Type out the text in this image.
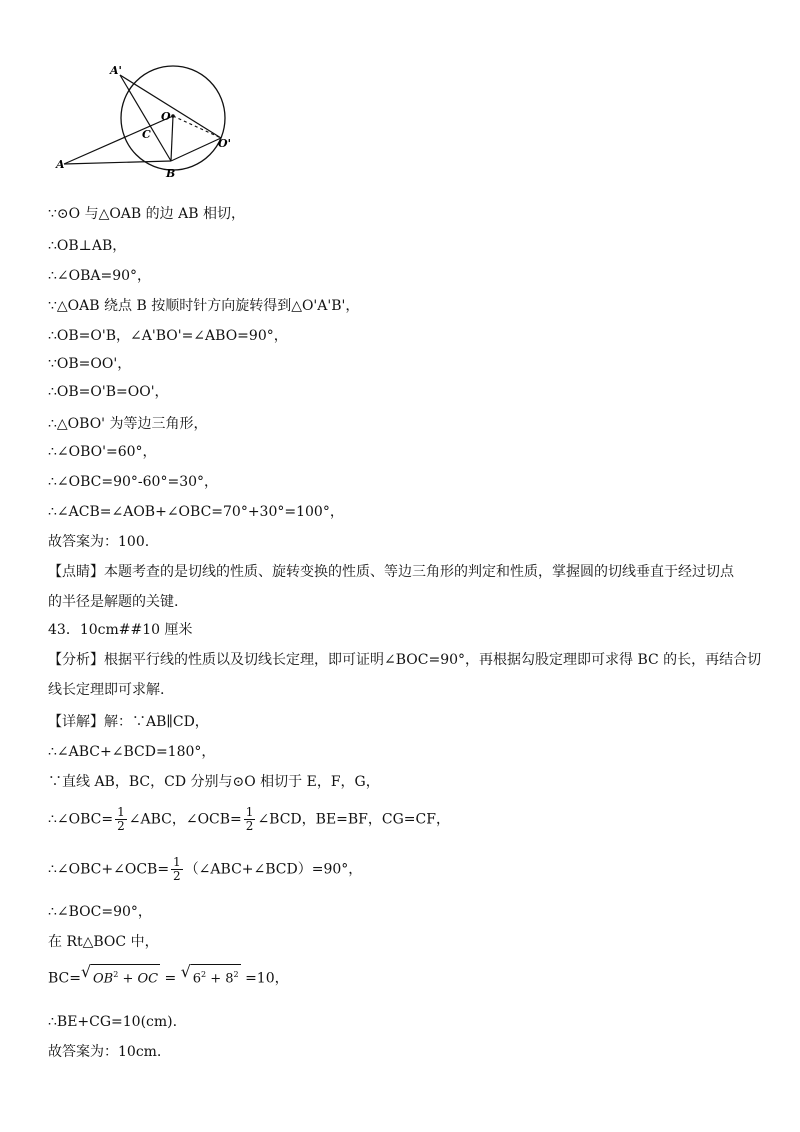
A'
O
C
O'
A
B
∵⊙O 与△OAB 的边 AB 相切，
∴OB⊥AB，
∴∠OBA=90°，
∵△OAB 绕点 B 按顺时针方向旋转得到△O'A'B'，
∴OB=O'B，∠A'BO'=∠ABO=90°，
∵OB=OO'，
∴OB=O'B=OO'，
∴△OBO' 为等边三角形，
∴∠OBO'=60°，
∴∠OBC=90°-60°=30°，
∴∠ACB=∠AOB+∠OBC=70°+30°=100°，
故答案为：100.
【点睛】本题考查的是切线的性质、旋转变换的性质、等边三角形的判定和性质，掌握圆的切线垂直于经过切点
的半径是解题的关键.
43．10cm##10 厘米
【分析】根据平行线的性质以及切线长定理，即可证明∠BOC=90°，再根据勾股定理即可求得 BC 的长，再结合切
线长定理即可求解.
【详解】解：∵AB∥CD，
∴∠ABC+∠BCD=180°，
∵直线 AB，BC，CD 分别与⊙O 相切于 E，F，G，
∴∠OBC= $\frac{1}{2}$ ∠ABC，∠OCB= $\frac{1}{2}$ ∠BCD，BE=BF，CG=CF，
∴∠OBC+∠OCB= $\frac{1}{2}$ （∠ABC+∠BCD）=90°，
∴∠BOC=90°，
在 Rt△BOC 中，
BC= √ $OB^2$ + OC = √ $6^2 + 8^2 =10$，
∴BE+CG=10(cm).
故答案为：10cm.
